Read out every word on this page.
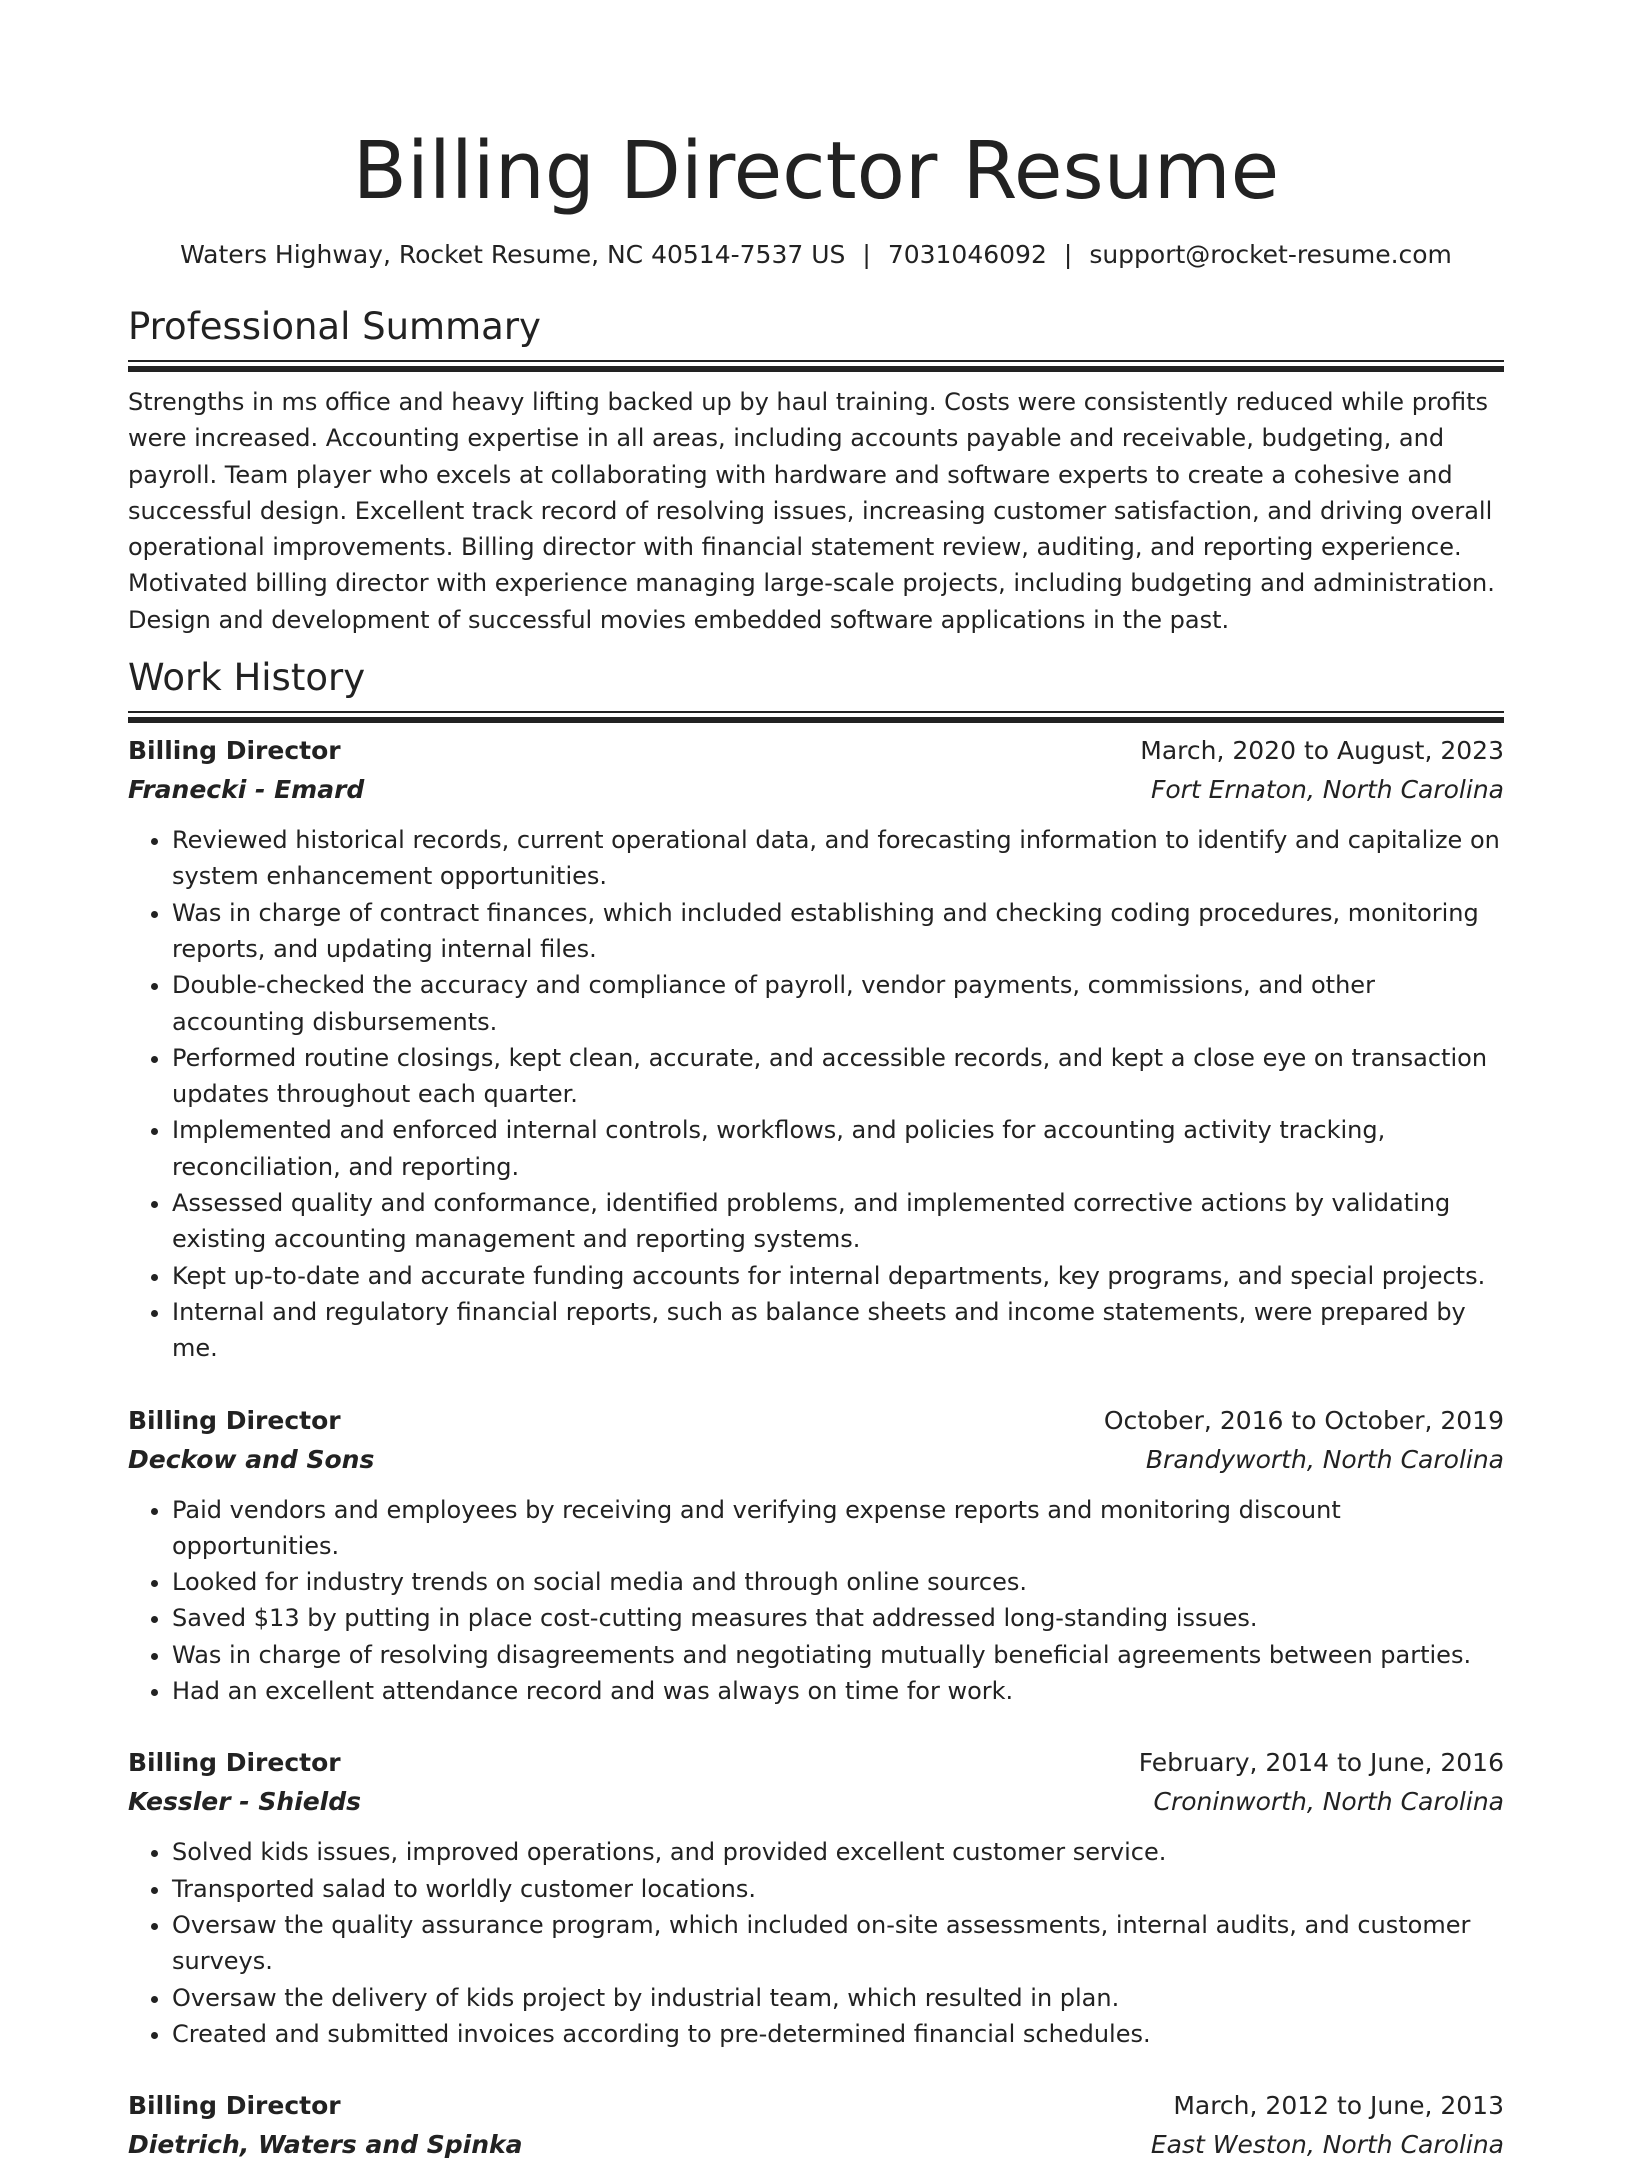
Billing Director Resume
Waters Highway, Rocket Resume, NC 40514-7537 US | 7031046092 | support@rocket-resume.com
Professional Summary

Strengths in ms office and heavy lifting backed up by haul training. Costs were consistently reduced while profits were increased. Accounting expertise in all areas, including accounts payable and receivable, budgeting, and payroll. Team player who excels at collaborating with hardware and software experts to create a cohesive and successful design. Excellent track record of resolving issues, increasing customer satisfaction, and driving overall operational improvements. Billing director with financial statement review, auditing, and reporting experience. Motivated billing director with experience managing large-scale projects, including budgeting and administration. Design and development of successful movies embedded software applications in the past.

Work History
Billing Director	March, 2020 to August, 2023
Franecki - Emard	Fort Ernaton, North Carolina
• Reviewed historical records, current operational data, and forecasting information to identify and capitalize on system enhancement opportunities.
• Was in charge of contract finances, which included establishing and checking coding procedures, monitoring reports, and updating internal files.
• Double-checked the accuracy and compliance of payroll, vendor payments, commissions, and other accounting disbursements.
• Performed routine closings, kept clean, accurate, and accessible records, and kept a close eye on transaction updates throughout each quarter.
• Implemented and enforced internal controls, workflows, and policies for accounting activity tracking, reconciliation, and reporting.
• Assessed quality and conformance, identified problems, and implemented corrective actions by validating existing accounting management and reporting systems.
• Kept up-to-date and accurate funding accounts for internal departments, key programs, and special projects.
• Internal and regulatory financial reports, such as balance sheets and income statements, were prepared by me.
Billing Director	October, 2016 to October, 2019
Deckow and Sons	Brandyworth, North Carolina
• Paid vendors and employees by receiving and verifying expense reports and monitoring discount opportunities.
• Looked for industry trends on social media and through online sources.
• Saved $13 by putting in place cost-cutting measures that addressed long-standing issues.
• Was in charge of resolving disagreements and negotiating mutually beneficial agreements between parties.
• Had an excellent attendance record and was always on time for work.
Billing Director	February, 2014 to June, 2016
Kessler - Shields	Croninworth, North Carolina
• Solved kids issues, improved operations, and provided excellent customer service.
• Transported salad to worldly customer locations.
• Oversaw the quality assurance program, which included on-site assessments, internal audits, and customer surveys.
• Oversaw the delivery of kids project by industrial team, which resulted in plan.
• Created and submitted invoices according to pre-determined financial schedules.
Billing Director	March, 2012 to June, 2013
Dietrich, Waters and Spinka	East Weston, North Carolina
